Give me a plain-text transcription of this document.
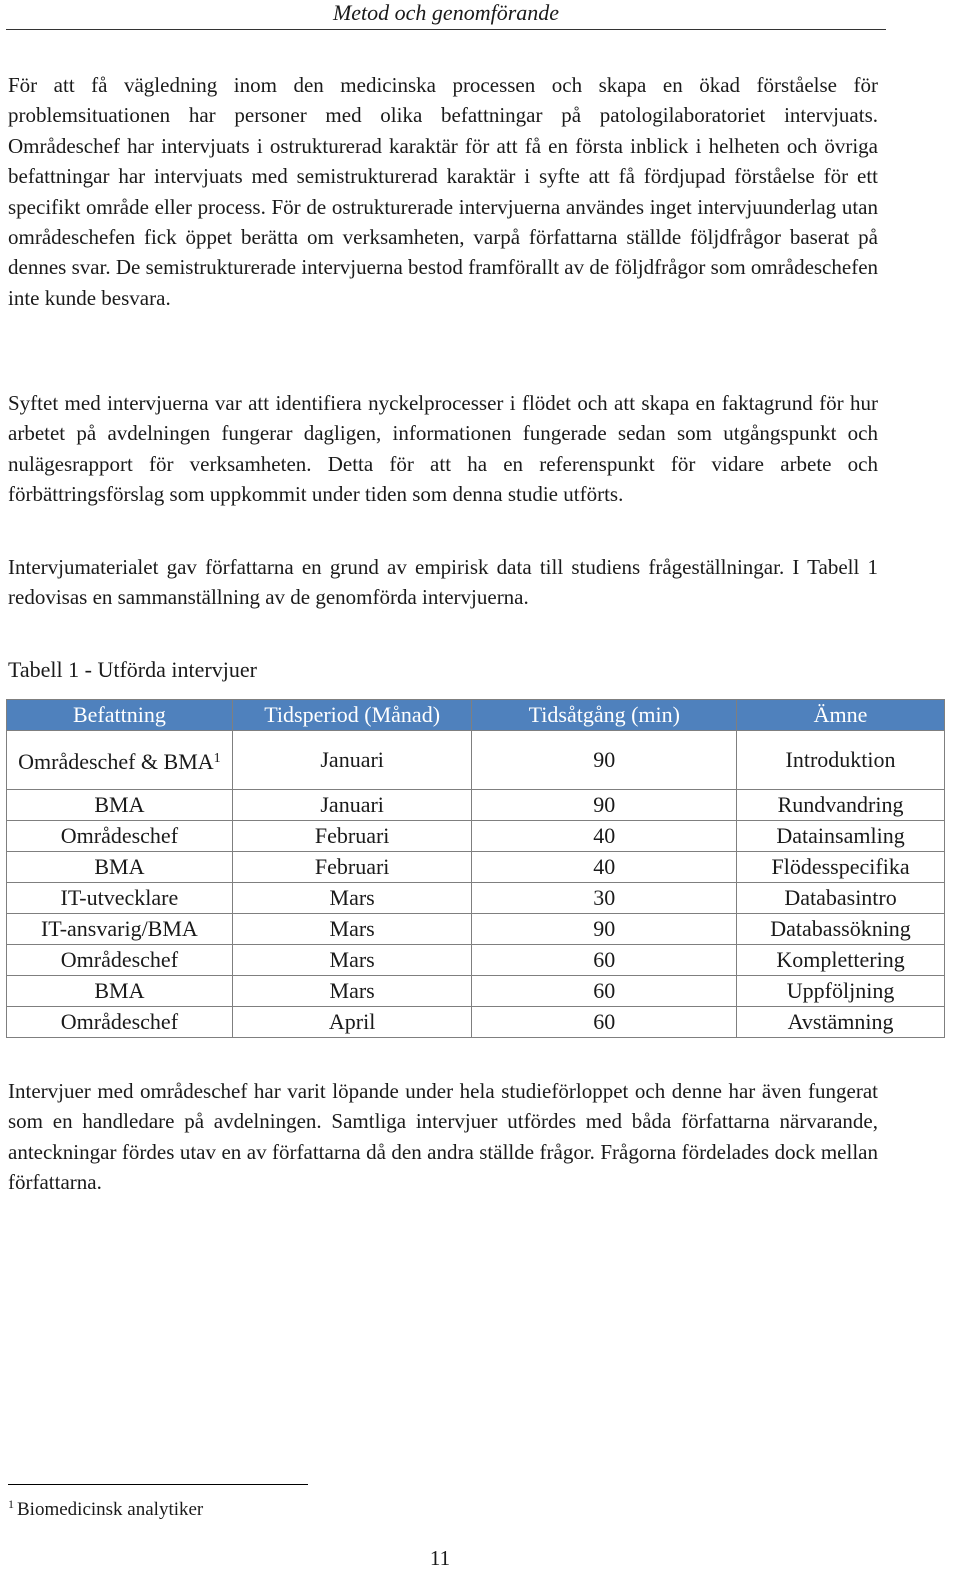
Metod och genomförande

För att få vägledning inom den medicinska processen och skapa en ökad förståelse för problemsituationen har personer med olika befattningar på patologilaboratoriet intervjuats. Områdeschef har intervjuats i ostrukturerad karaktär för att få en första inblick i helheten och övriga befattningar har intervjuats med semistrukturerad karaktär i syfte att få fördjupad förståelse för ett specifikt område eller process. För de ostrukturerade intervjuerna användes inget intervjuunderlag utan områdeschefen fick öppet berätta om verksamheten, varpå författarna ställde följdfrågor baserat på dennes svar. De semistrukturerade intervjuerna bestod framförallt av de följdfrågor som områdeschefen inte kunde besvara.

Syftet med intervjuerna var att identifiera nyckelprocesser i flödet och att skapa en faktagrund för hur arbetet på avdelningen fungerar dagligen, informationen fungerade sedan som utgångspunkt och nulägesrapport för verksamheten. Detta för att ha en referenspunkt för vidare arbete och förbättringsförslag som uppkommit under tiden som denna studie utförts.

Intervjumaterialet gav författarna en grund av empirisk data till studiens frågeställningar. I Tabell 1 redovisas en sammanställning av de genomförda intervjuerna.

Tabell 1 - Utförda intervjuer
Befattning	Tidsperiod (Månad)	Tidsåtgång (min)	Ämne
Områdeschef & BMA$^1$	Januari	90	Introduktion
BMA	Januari	90	Rundvandring
Områdeschef	Februari	40	Datainsamling
BMA	Februari	40	Flödesspecifika
IT-utvecklare	Mars	30	Databasintro
IT-ansvarig/BMA	Mars	90	Databassökning
Områdeschef	Mars	60	Komplettering
BMA	Mars	60	Uppföljning
Områdeschef	April	60	Avstämning

Intervjuer med områdeschef har varit löpande under hela studieförloppet och denne har även fungerat som en handledare på avdelningen. Samtliga intervjuer utfördes med båda författarna närvarande, anteckningar fördes utav en av författarna då den andra ställde frågor. Frågorna fördelades dock mellan författarna.

$^1$ Biomedicinsk analytiker
11
